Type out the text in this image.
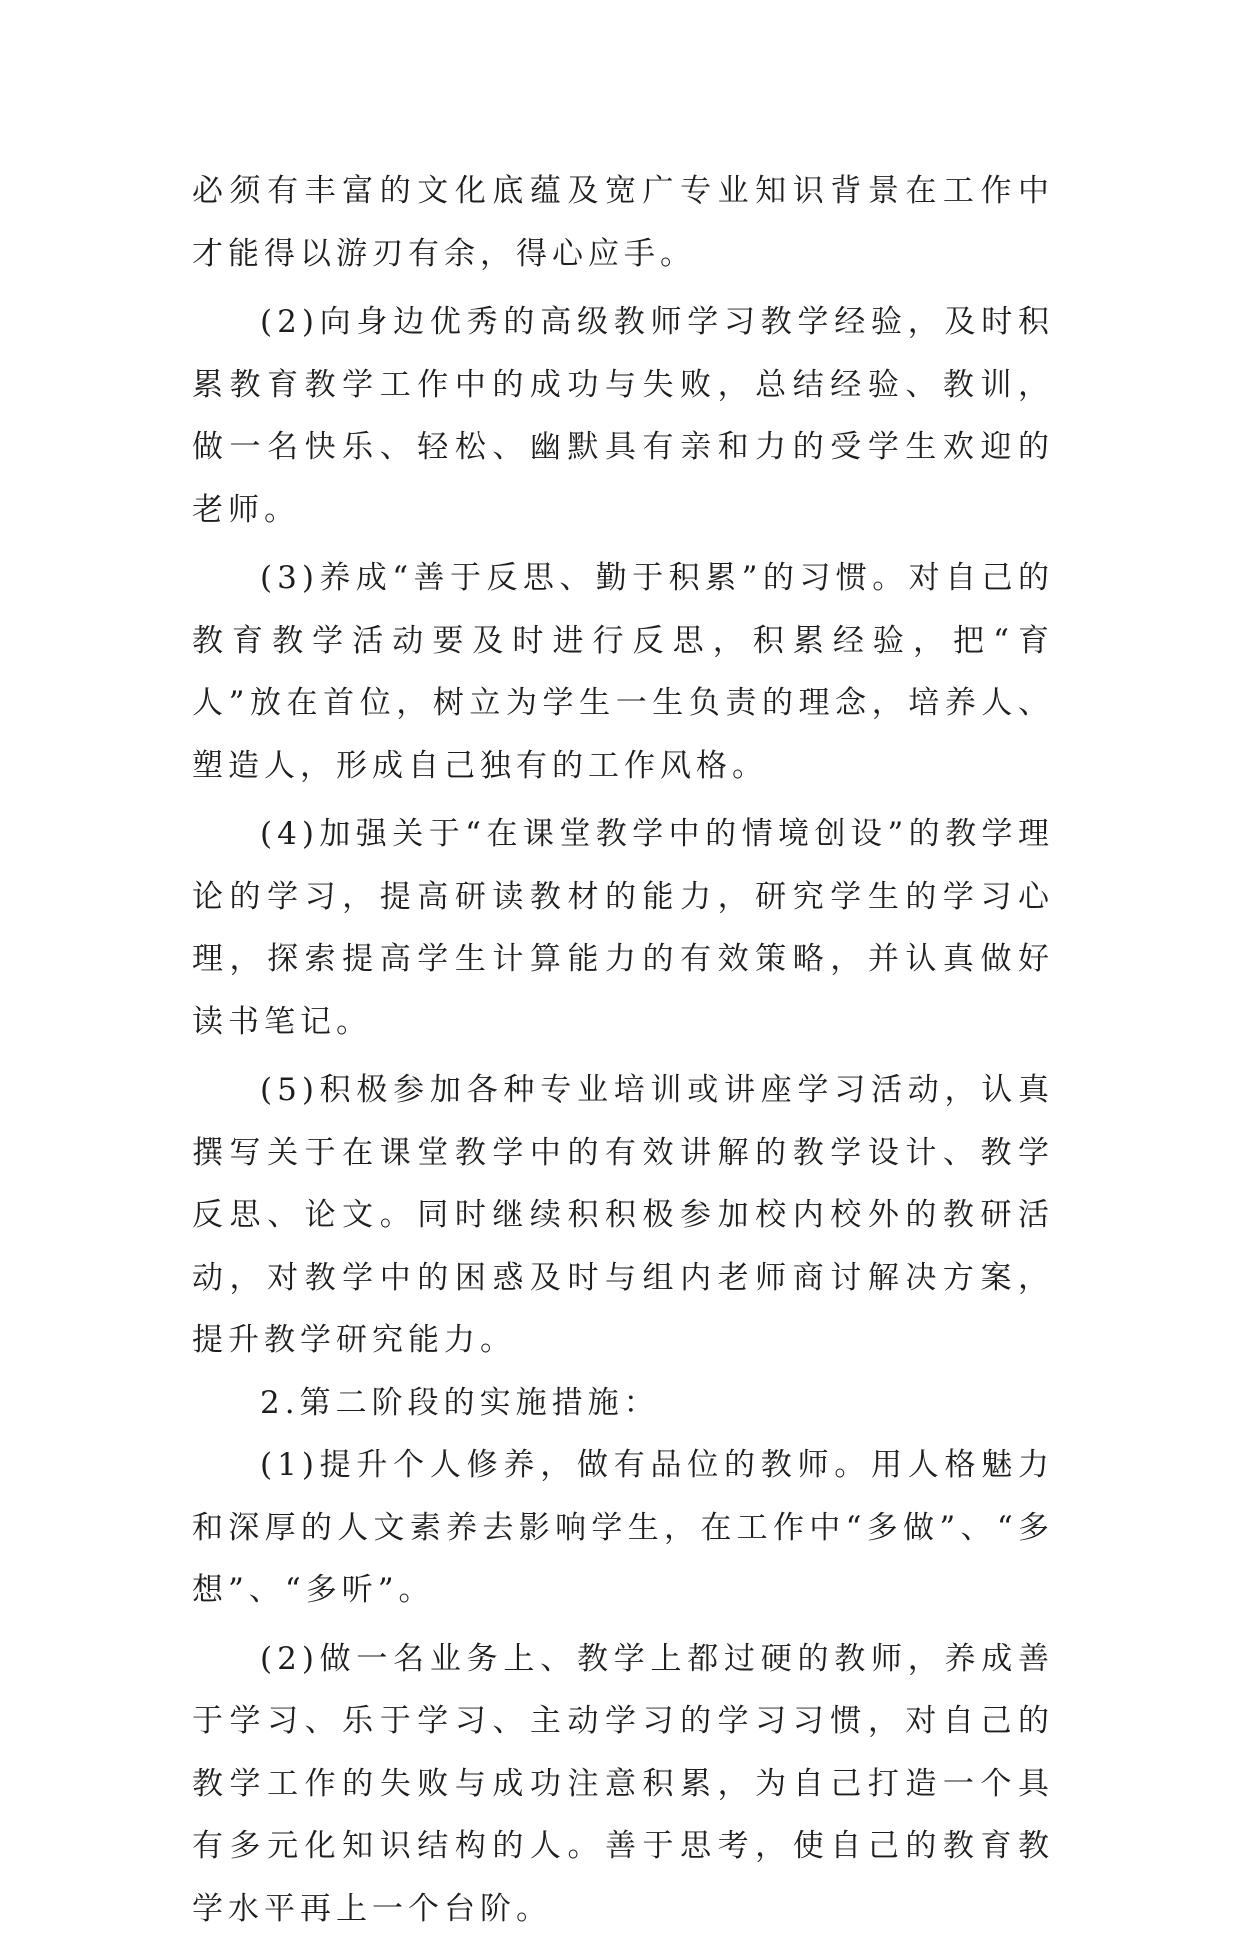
必须有丰富的文化底蕴及宽广专业知识背景在工作中才能得以游刃有余，得心应手。

(2)向身边优秀的高级教师学习教学经验，及时积累教育教学工作中的成功与失败，总结经验、教训，做一名快乐、轻松、幽默具有亲和力的受学生欢迎的老师。

(3)养成“善于反思、勤于积累”的习惯。对自己的教育教学活动要及时进行反思，积累经验，把“育人”放在首位，树立为学生一生负责的理念，培养人、塑造人，形成自己独有的工作风格。

(4)加强关于“在课堂教学中的情境创设”的教学理论的学习，提高研读教材的能力，研究学生的学习心理，探索提高学生计算能力的有效策略，并认真做好读书笔记。

(5)积极参加各种专业培训或讲座学习活动，认真撰写关于在课堂教学中的有效讲解的教学设计、教学反思、论文。同时继续积积极参加校内校外的教研活动，对教学中的困惑及时与组内老师商讨解决方案，提升教学研究能力。

2.第二阶段的实施措施：

(1)提升个人修养，做有品位的教师。用人格魅力和深厚的人文素养去影响学生，在工作中“多做”、“多想”、“多听”。

(2)做一名业务上、教学上都过硬的教师，养成善于学习、乐于学习、主动学习的学习习惯，对自己的教学工作的失败与成功注意积累，为自己打造一个具有多元化知识结构的人。善于思考，使自己的教育教学水平再上一个台阶。
